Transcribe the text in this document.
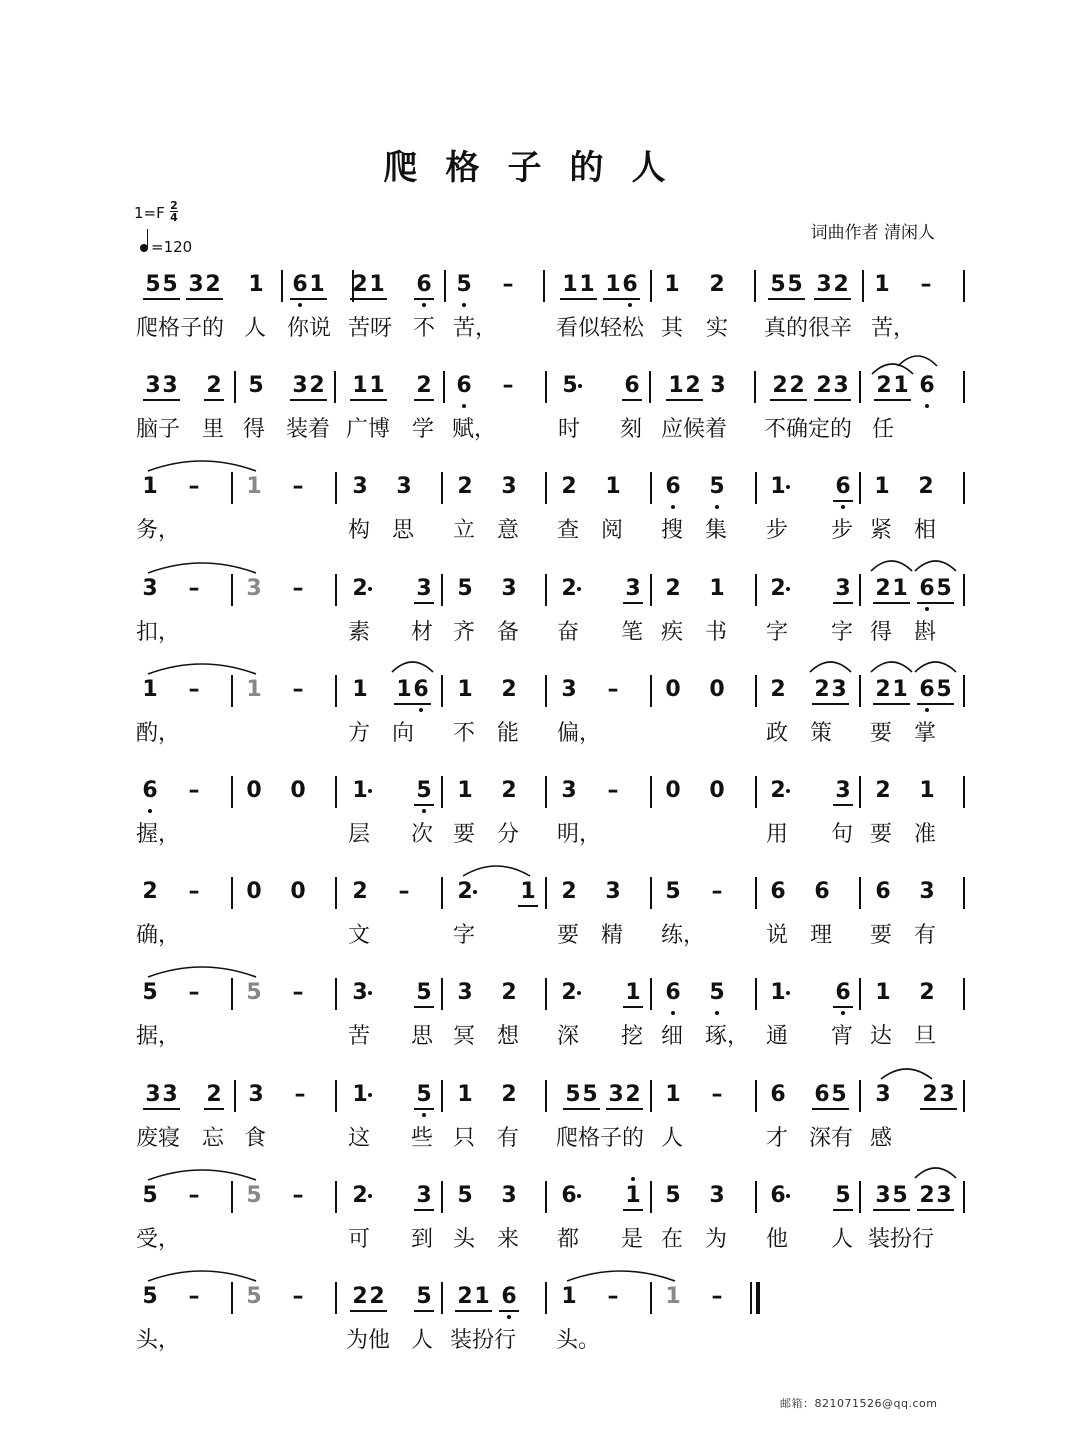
爬格子的人
1=F 2
4
=120
词曲作者 清闲人
5 5 3 2 1 6 1 2 1 6 5 – 1 1 1 6 1 2 5 5 3 2 1 –
爬格子的 人 你说 苦呀 不 苦，	看似轻松 其 实 真的很辛 苦，
3 3 2 5 3 2 1 1 2 6 – 5 6 1 2 3 2 2 2 3 2 1 6
脑子 里 得 装着 广博 学 赋，	时 刻 应候着 不确定的 任
1 – 1 – 3 3 2 3 2 1 6 5 1 6 1 2
务，	构 思 立 意 查 阅 搜 集 步 步 紧 相
3 – 3 – 2 3 5 3 2 3 2 1 2 3 2 1 6 5
扣，	素 材 齐 备 奋 笔 疾 书 字 字 得 斟
1 – 1 – 1 1 6 1 2 3 – 0 0 2 2 3 2 1 6 5
酌，	方 向 不 能 偏，	政 策 要 掌
6 – 0 0 1 5 1 2 3 – 0 0 2 3 2 1
握，	层 次 要 分 明，	用 句 要 准
2 – 0 0 2 – 2 1 2 3 5 – 6 6 6 3
确，	文	字	要 精 练，	说 理 要 有
5 – 5 – 3 5 3 2 2 1 6 5 1 6 1 2
据，	苦 思 冥 想 深 挖 细 琢， 通 宵 达 旦
3 3 2 3 – 1 5 1 2 5 5 3 2 1 – 6 6 5 3 2 3
废寝 忘 食	这 些 只 有 爬格子的 人	才 深有 感
5 – 5 – 2 3 5 3 6 1 5 3 6 5 3 5 2 3
受，	可 到 头 来 都 是 在 为 他 人 装扮行
5 – 5 – 2 2 5 2 1 6 1 – 1 –
头，	为他 人 装扮行 头。
邮箱：821071526@qq.com
